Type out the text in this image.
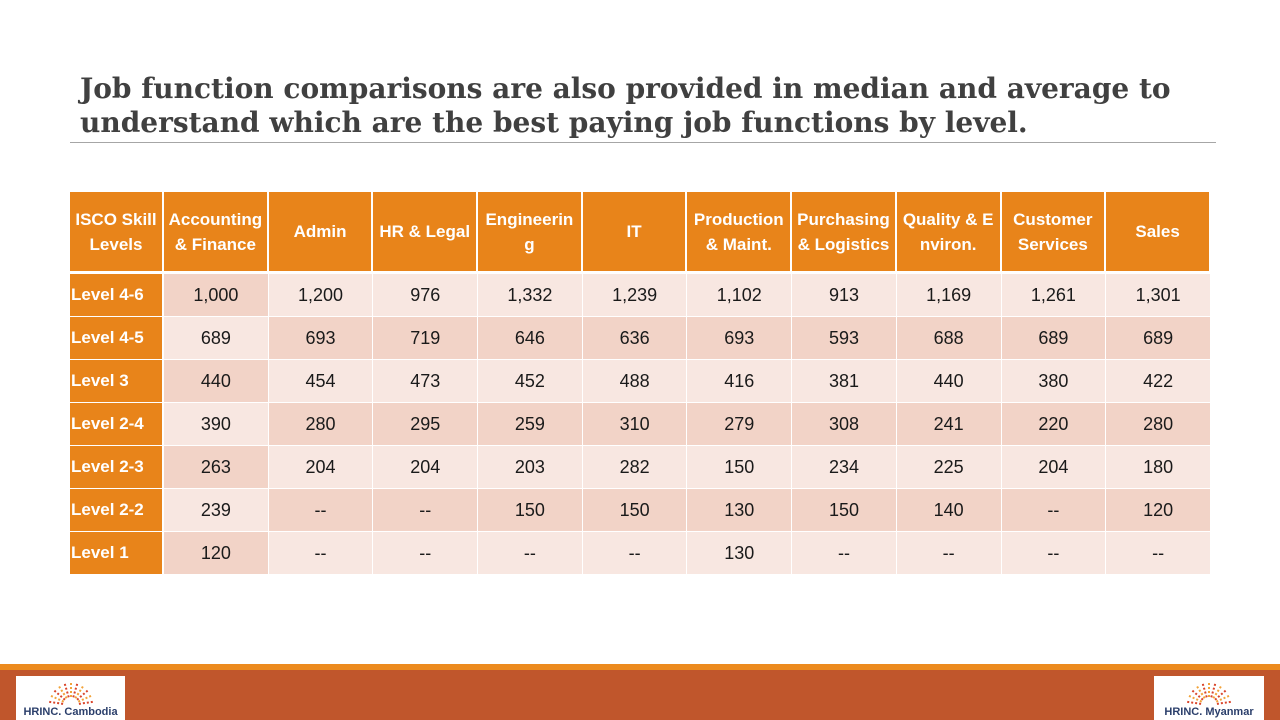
Job function comparisons are also provided in median and average to understand which are the best paying job functions by level.
ISCO Skill Levels	Accounting & Finance	Admin	HR & Legal	Engineering	IT	Production & Maint.	Purchasing & Logistics	Quality & Environ.	Customer Services	Sales
Level 4-6	1,000	1,200	976	1,332	1,239	1,102	913	1,169	1,261	1,301
Level 4-5	689	693	719	646	636	693	593	688	689	689
Level 3	440	454	473	452	488	416	381	440	380	422
Level 2-4	390	280	295	259	310	279	308	241	220	280
Level 2-3	263	204	204	203	282	150	234	225	204	180
Level 2-2	239	--	--	150	150	130	150	140	--	120
Level 1	120	--	--	--	--	130	--	--	--	--
HRINC. Cambodia	HRINC. Myanmar
